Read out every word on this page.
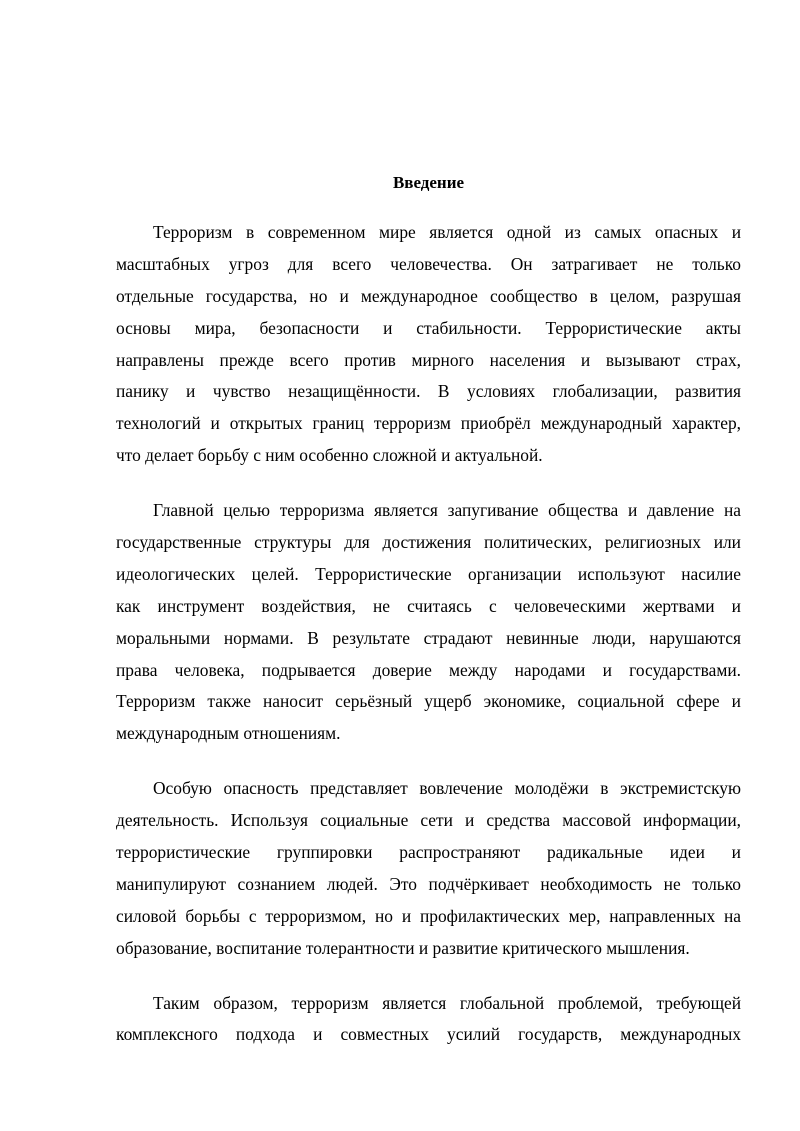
Введение

Терроризм в современном мире является одной из самых опасных и
масштабных угроз для всего человечества. Он затрагивает не только
отдельные государства, но и международное сообщество в целом, разрушая
основы мира, безопасности и стабильности. Террористические акты
направлены прежде всего против мирного населения и вызывают страх,
панику и чувство незащищённости. В условиях глобализации, развития
технологий и открытых границ терроризм приобрёл международный характер,
что делает борьбу с ним особенно сложной и актуальной.

Главной целью терроризма является запугивание общества и давление на
государственные структуры для достижения политических, религиозных или
идеологических целей. Террористические организации используют насилие
как инструмент воздействия, не считаясь с человеческими жертвами и
моральными нормами. В результате страдают невинные люди, нарушаются
права человека, подрывается доверие между народами и государствами.
Терроризм также наносит серьёзный ущерб экономике, социальной сфере и
международным отношениям.

Особую опасность представляет вовлечение молодёжи в экстремистскую
деятельность. Используя социальные сети и средства массовой информации,
террористические группировки распространяют радикальные идеи и
манипулируют сознанием людей. Это подчёркивает необходимость не только
силовой борьбы с терроризмом, но и профилактических мер, направленных на
образование, воспитание толерантности и развитие критического мышления.

Таким образом, терроризм является глобальной проблемой, требующей
комплексного подхода и совместных усилий государств, международных
